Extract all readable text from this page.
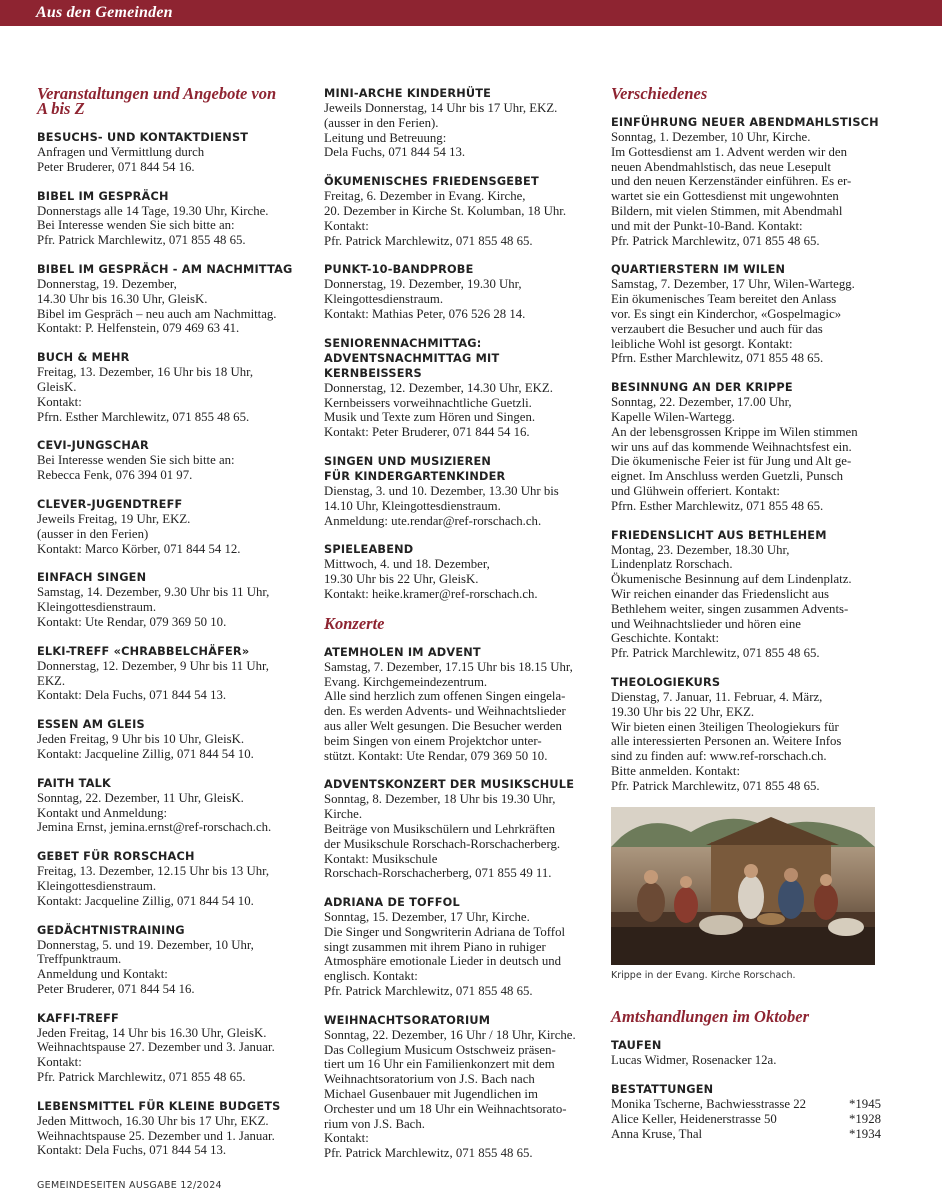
Aus den Gemeinden
Veranstaltungen und Angebote von A bis Z
BESUCHS- UND KONTAKTDIENST
Anfragen und Vermittlung durch
Peter Bruderer, 071 844 54 16.
BIBEL IM GESPRÄCH
Donnerstags alle 14 Tage, 19.30 Uhr, Kirche.
Bei Interesse wenden Sie sich bitte an:
Pfr. Patrick Marchlewitz, 071 855 48 65.
BIBEL IM GESPRÄCH - AM NACHMITTAG
Donnerstag, 19. Dezember,
14.30 Uhr bis 16.30 Uhr, GleisK.
Bibel im Gespräch – neu auch am Nachmittag.
Kontakt: P. Helfenstein, 079 469 63 41.
BUCH & MEHR
Freitag, 13. Dezember, 16 Uhr bis 18 Uhr,
GleisK.
Kontakt:
Pfrn. Esther Marchlewitz, 071 855 48 65.
CEVI-JUNGSCHAR
Bei Interesse wenden Sie sich bitte an:
Rebecca Fenk, 076 394 01 97.
CLEVER-JUGENDTREFF
Jeweils Freitag, 19 Uhr, EKZ.
(ausser in den Ferien)
Kontakt: Marco Körber, 071 844 54 12.
EINFACH SINGEN
Samstag, 14. Dezember, 9.30 Uhr bis 11 Uhr,
Kleingottesdienstraum.
Kontakt: Ute Rendar, 079 369 50 10.
ELKI-TREFF «CHRABBELCHÄFER»
Donnerstag, 12. Dezember, 9 Uhr bis 11 Uhr,
EKZ.
Kontakt: Dela Fuchs, 071 844 54 13.
ESSEN AM GLEIS
Jeden Freitag, 9 Uhr bis 10 Uhr, GleisK.
Kontakt: Jacqueline Zillig, 071 844 54 10.
FAITH TALK
Sonntag, 22. Dezember, 11 Uhr, GleisK.
Kontakt und Anmeldung:
Jemina Ernst, jemina.ernst@ref-rorschach.ch.
GEBET FÜR RORSCHACH
Freitag, 13. Dezember, 12.15 Uhr bis 13 Uhr,
Kleingottesdienstraum.
Kontakt: Jacqueline Zillig, 071 844 54 10.
GEDÄCHTNISTRAINING
Donnerstag, 5. und 19. Dezember, 10 Uhr,
Treffpunktraum.
Anmeldung und Kontakt:
Peter Bruderer, 071 844 54 16.
KAFFI-TREFF
Jeden Freitag, 14 Uhr bis 16.30 Uhr, GleisK.
Weihnachtspause 27. Dezember und 3. Januar.
Kontakt:
Pfr. Patrick Marchlewitz, 071 855 48 65.
LEBENSMITTEL FÜR KLEINE BUDGETS
Jeden Mittwoch, 16.30 Uhr bis 17 Uhr, EKZ.
Weihnachtspause 25. Dezember und 1. Januar.
Kontakt: Dela Fuchs, 071 844 54 13.
MINI-ARCHE KINDERHÜTE
Jeweils Donnerstag, 14 Uhr bis 17 Uhr, EKZ.
(ausser in den Ferien).
Leitung und Betreuung:
Dela Fuchs, 071 844 54 13.
ÖKUMENISCHES FRIEDENSGEBET
Freitag, 6. Dezember in Evang. Kirche,
20. Dezember in Kirche St. Kolumban, 18 Uhr.
Kontakt:
Pfr. Patrick Marchlewitz, 071 855 48 65.
PUNKT-10-BANDPROBE
Donnerstag, 19. Dezember, 19.30 Uhr,
Kleingottesdienstraum.
Kontakt: Mathias Peter, 076 526 28 14.
SENIORENNACHMITTAG:
ADVENTSNACHMITTAG MIT KERNBEISSERS
Donnerstag, 12. Dezember, 14.30 Uhr, EKZ.
Kernbeissers vorweihnachtliche Guetzli.
Musik und Texte zum Hören und Singen.
Kontakt: Peter Bruderer, 071 844 54 16.
SINGEN UND MUSIZIEREN
FÜR KINDERGARTENKINDER
Dienstag, 3. und 10. Dezember, 13.30 Uhr bis
14.10 Uhr, Kleingottesdienstraum.
Anmeldung: ute.rendar@ref-rorschach.ch.
SPIELEABEND
Mittwoch, 4. und 18. Dezember,
19.30 Uhr bis 22 Uhr, GleisK.
Kontakt: heike.kramer@ref-rorschach.ch.
Konzerte
ATEMHOLEN IM ADVENT
Samstag, 7. Dezember, 17.15 Uhr bis 18.15 Uhr,
Evang. Kirchgemeindezentrum.
Alle sind herzlich zum offenen Singen eingela-
den. Es werden Advents- und Weihnachtslieder
aus aller Welt gesungen. Die Besucher werden
beim Singen von einem Projektchor unter-
stützt. Kontakt: Ute Rendar, 079 369 50 10.
ADVENTSKONZERT DER MUSIKSCHULE
Sonntag, 8. Dezember, 18 Uhr bis 19.30 Uhr,
Kirche.
Beiträge von Musikschülern und Lehrkräften
der Musikschule Rorschach-Rorschacherberg.
Kontakt: Musikschule
Rorschach-Rorschacherberg, 071 855 49 11.
ADRIANA DE TOFFOL
Sonntag, 15. Dezember, 17 Uhr, Kirche.
Die Singer und Songwriterin Adriana de Toffol
singt zusammen mit ihrem Piano in ruhiger
Atmosphäre emotionale Lieder in deutsch und
englisch. Kontakt:
Pfr. Patrick Marchlewitz, 071 855 48 65.
WEIHNACHTSORATORIUM
Sonntag, 22. Dezember, 16 Uhr / 18 Uhr, Kirche.
Das Collegium Musicum Ostschweiz präsen-
tiert um 16 Uhr ein Familienkonzert mit dem
Weihnachtsoratorium von J.S. Bach nach
Michael Gusenbauer mit Jugendlichen im
Orchester und um 18 Uhr ein Weihnachtsorato-
rium von J.S. Bach.
Kontakt:
Pfr. Patrick Marchlewitz, 071 855 48 65.
Verschiedenes
EINFÜHRUNG NEUER ABENDMAHLSTISCH
Sonntag, 1. Dezember, 10 Uhr, Kirche.
Im Gottesdienst am 1. Advent werden wir den
neuen Abendmahlstisch, das neue Lesepult
und den neuen Kerzenständer einführen. Es er-
wartet sie ein Gottesdienst mit ungewohnten
Bildern, mit vielen Stimmen, mit Abendmahl
und mit der Punkt-10-Band. Kontakt:
Pfr. Patrick Marchlewitz, 071 855 48 65.
QUARTIERSTERN IM WILEN
Samstag, 7. Dezember, 17 Uhr, Wilen-Wartegg.
Ein ökumenisches Team bereitet den Anlass
vor. Es singt ein Kinderchor, «Gospelmagic»
verzaubert die Besucher und auch für das
leibliche Wohl ist gesorgt. Kontakt:
Pfrn. Esther Marchlewitz, 071 855 48 65.
BESINNUNG AN DER KRIPPE
Sonntag, 22. Dezember, 17.00 Uhr,
Kapelle Wilen-Wartegg.
An der lebensgrossen Krippe im Wilen stimmen
wir uns auf das kommende Weihnachtsfest ein.
Die ökumenische Feier ist für Jung und Alt ge-
eignet. Im Anschluss werden Guetzli, Punsch
und Glühwein offeriert. Kontakt:
Pfrn. Esther Marchlewitz, 071 855 48 65.
FRIEDENSLICHT AUS BETHLEHEM
Montag, 23. Dezember, 18.30 Uhr,
Lindenplatz Rorschach.
Ökumenische Besinnung auf dem Lindenplatz.
Wir reichen einander das Friedenslicht aus
Bethlehem weiter, singen zusammen Advents-
und Weihnachtslieder und hören eine
Geschichte. Kontakt:
Pfr. Patrick Marchlewitz, 071 855 48 65.
THEOLOGIEKURS
Dienstag, 7. Januar, 11. Februar, 4. März,
19.30 Uhr bis 22 Uhr, EKZ.
Wir bieten einen 3teiligen Theologiekurs für
alle interessierten Personen an. Weitere Infos
sind zu finden auf: www.ref-rorschach.ch.
Bitte anmelden. Kontakt:
Pfr. Patrick Marchlewitz, 071 855 48 65.
Krippe in der Evang. Kirche Rorschach.
Amtshandlungen im Oktober
TAUFEN
Lucas Widmer, Rosenacker 12a.
BESTATTUNGEN
Monika Tscherne, Bachwiesstrasse 22	*1945
Alice Keller, Heidenerstrasse 50	*1928
Anna Kruse, Thal	*1934
GEMEINDESEITEN AUSGABE 12/2024
